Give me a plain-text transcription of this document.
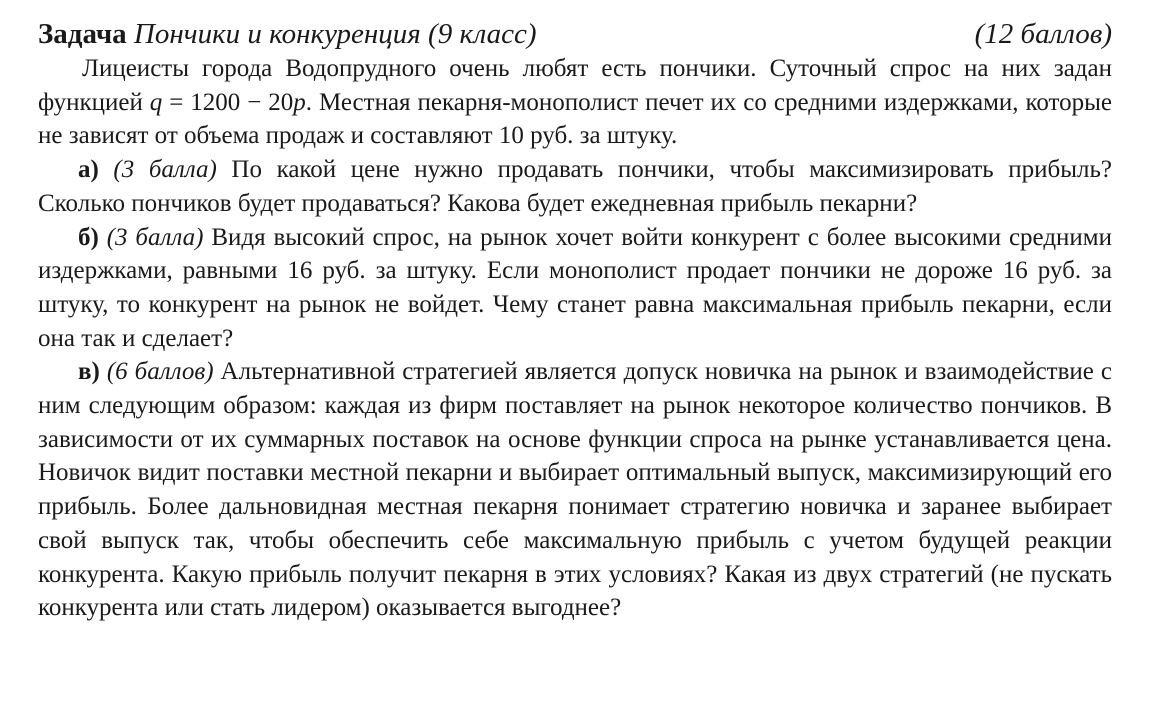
Задача Пончики и конкуренция (9 класс)	(12 баллов)

Лицеисты города Водопрудного очень любят есть пончики. Суточный спрос на них задан функцией q = 1200 − 20p. Местная пекарня-монополист печет их со средними издержками, которые не зависят от объема продаж и составляют 10 руб. за штуку.

а) (3 балла) По какой цене нужно продавать пончики, чтобы максимизировать прибыль? Сколько пончиков будет продаваться? Какова будет ежедневная прибыль пекарни?

б) (3 балла) Видя высокий спрос, на рынок хочет войти конкурент с более высокими средними издержками, равными 16 руб. за штуку. Если монополист продает пончики не дороже 16 руб. за штуку, то конкурент на рынок не войдет. Чему станет равна максимальная прибыль пекарни, если она так и сделает?

в) (6 баллов) Альтернативной стратегией является допуск новичка на рынок и взаимодействие с ним следующим образом: каждая из фирм поставляет на рынок некоторое количество пончиков. В зависимости от их суммарных поставок на основе функции спроса на рынке устанавливается цена. Новичок видит поставки местной пекарни и выбирает оптимальный выпуск, максимизирующий его прибыль. Более дальновидная местная пекарня понимает стратегию новичка и заранее выбирает свой выпуск так, чтобы обеспечить себе максимальную прибыль с учетом будущей реакции конкурента. Какую прибыль получит пекарня в этих условиях? Какая из двух стратегий (не пускать конкурента или стать лидером) оказывается выгоднее?
